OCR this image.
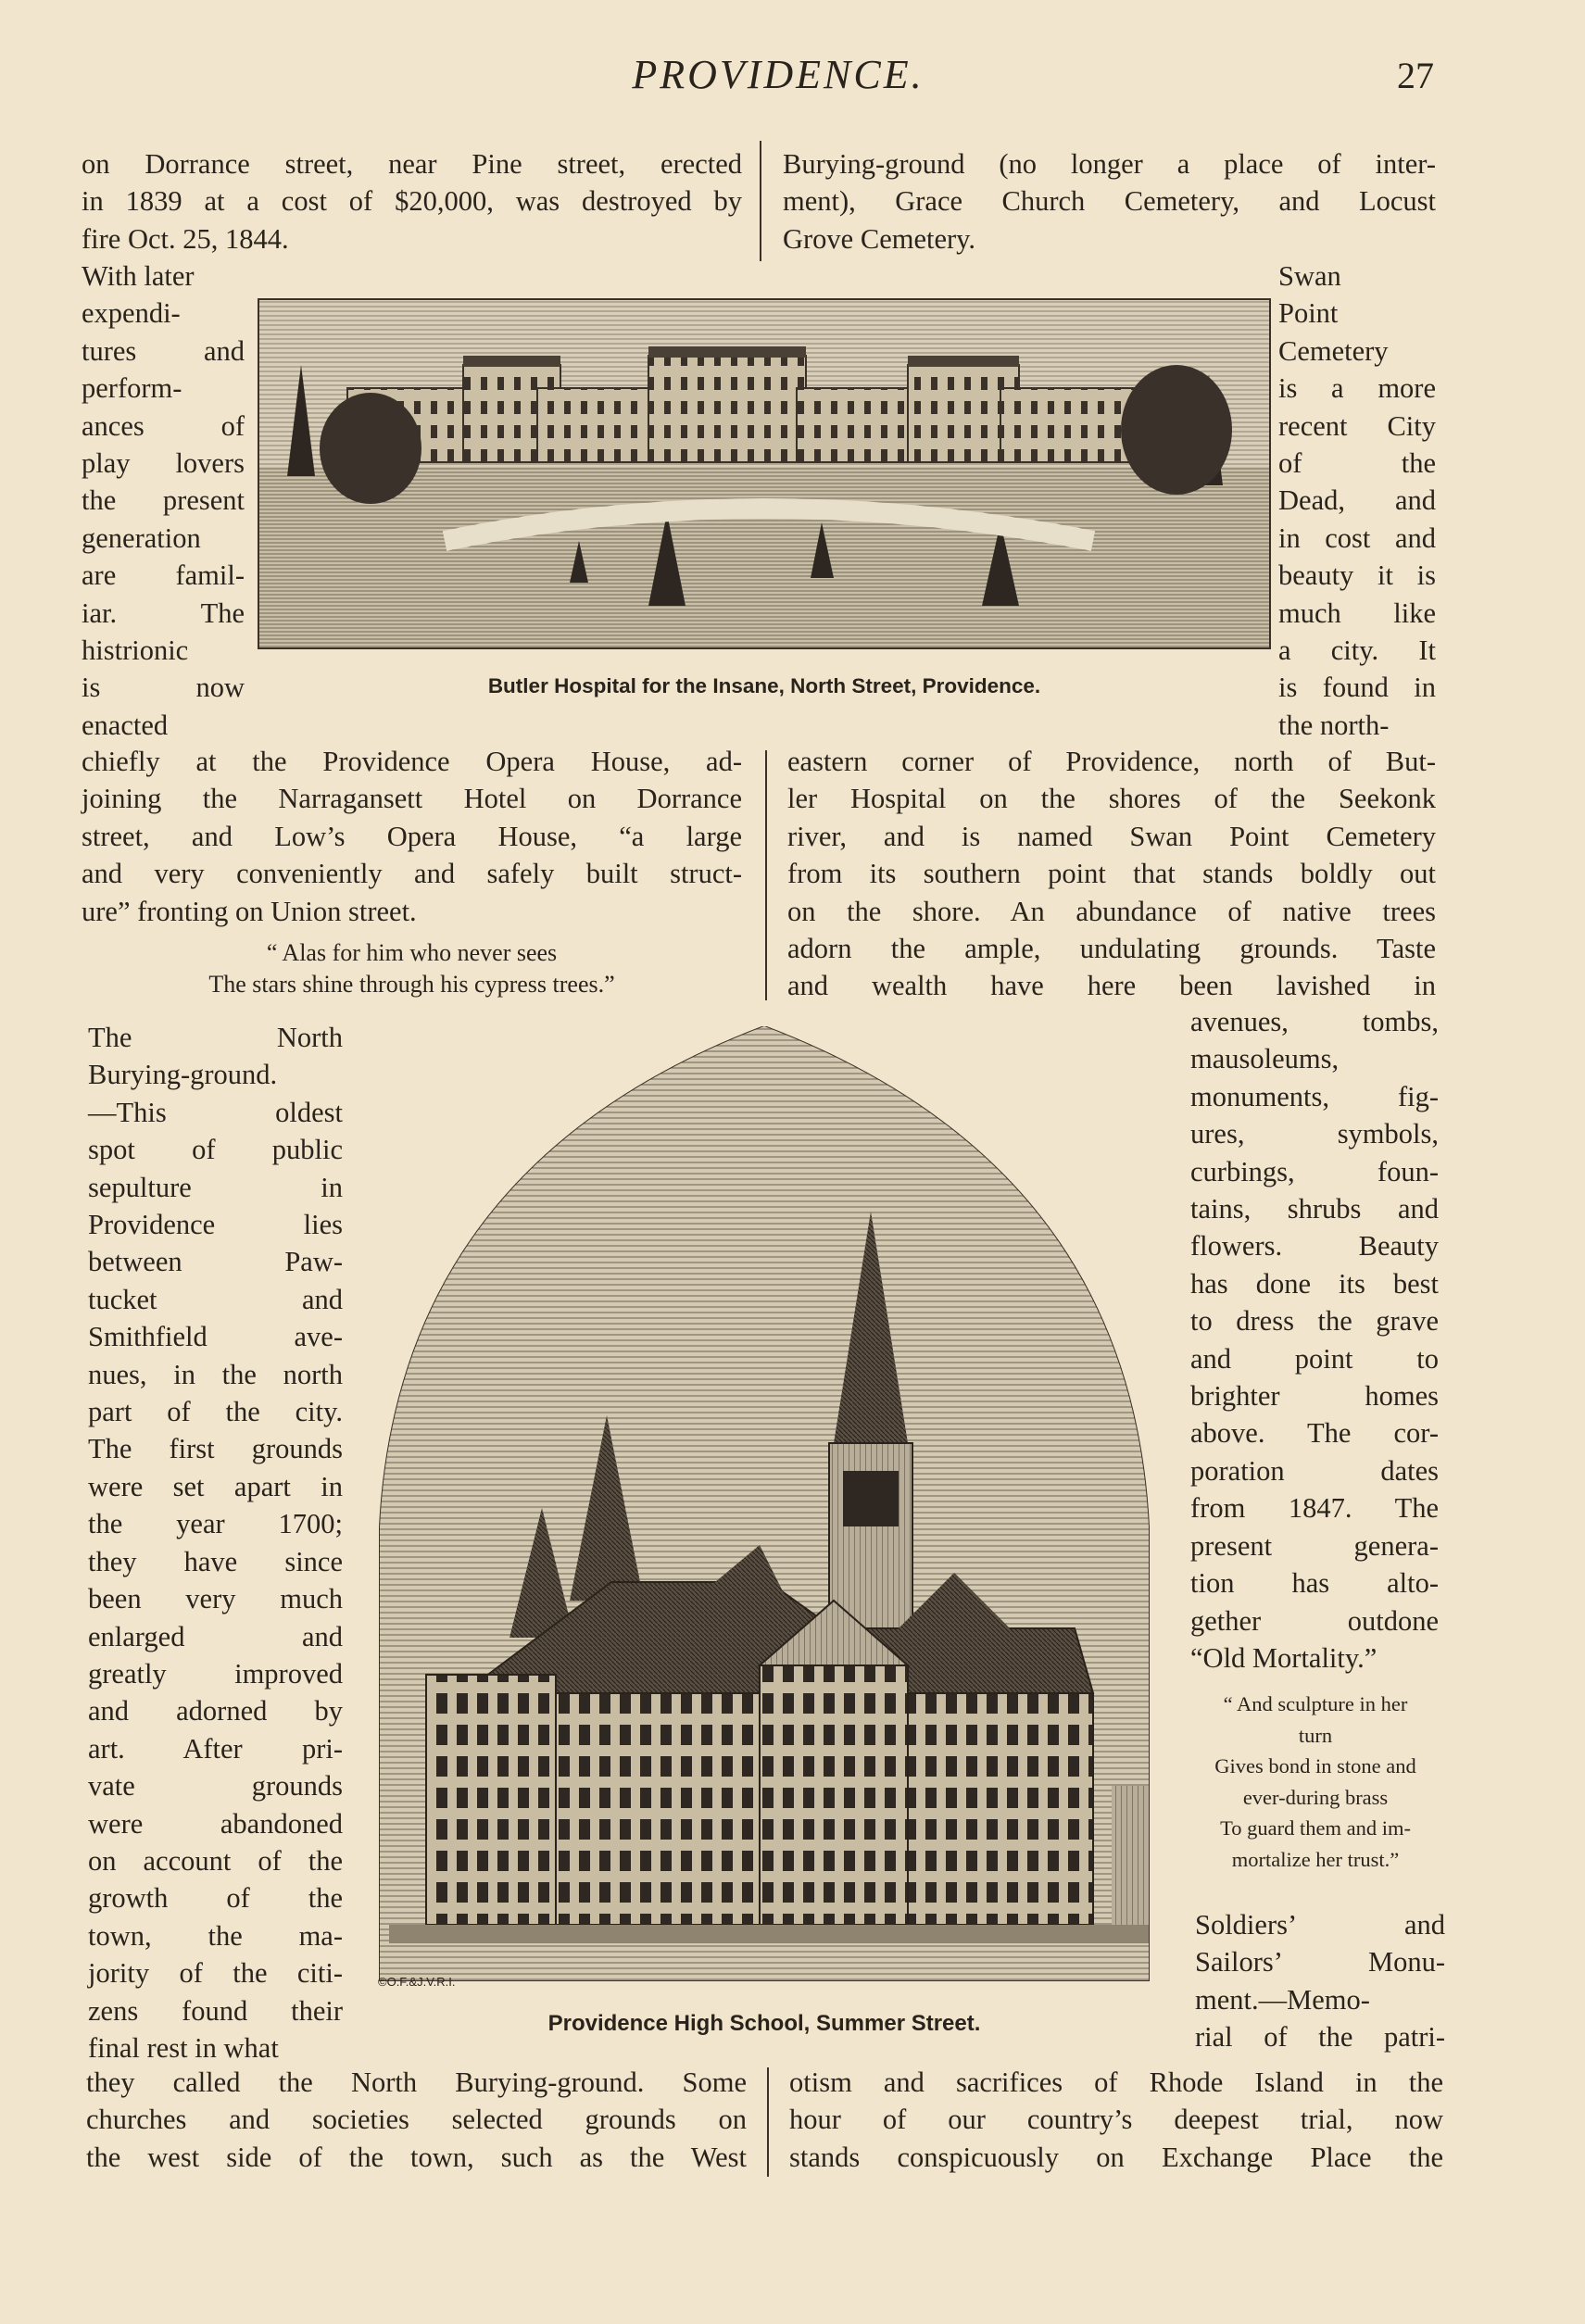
PROVIDENCE.	27
on Dorrance street, near Pine street, erected
in 1839 at a cost of $20,000, was destroyed by
fire Oct. 25, 1844.
Burying-ground (no longer a place of inter-
ment), Grace Church Cemetery, and Locust
Grove Cemetery.
With later
expendi-
tures and
perform-
ances of
play lovers
the present
generation
are famil-
iar. The
histrionic
is now
enacted
Swan
Point
Cemetery
is a more
recent City
of the
Dead, and
in cost and
beauty it is
much like
a city. It
is found in
the north-
Butler Hospital for the Insane, North Street, Providence.
chiefly at the Providence Opera House, ad-
joining the Narragansett Hotel on Dorrance
street, and Low’s Opera House, “a large
and very conveniently and safely built struct-
ure” fronting on Union street.
“ Alas for him who never sees
The stars shine through his cypress trees.”
eastern corner of Providence, north of But-
ler Hospital on the shores of the Seekonk
river, and is named Swan Point Cemetery
from its southern point that stands boldly out
on the shore. An abundance of native trees
adorn the ample, undulating grounds. Taste
and wealth have here been lavished in
The North
Burying-ground.
—This oldest
spot of public
sepulture in
Providence lies
between Paw-
tucket and
Smithfield ave-
nues, in the north
part of the city.
The first grounds
were set apart in
the year 1700;
they have since
been very much
enlarged and
greatly improved
and adorned by
art. After pri-
vate grounds
were abandoned
on account of the
growth of the
town, the ma-
jority of the citi-
zens found their
final rest in what
avenues, tombs,
mausoleums,
monuments, fig-
ures, symbols,
curbings, foun-
tains, shrubs and
flowers. Beauty
has done its best
to dress the grave
and point to
brighter homes
above. The cor-
poration dates
from 1847. The
present genera-
tion has alto-
gether outdone
“Old Mortality.”
“ And sculpture in her
turn
Gives bond in stone and
ever-during brass
To guard them and im-
mortalize her trust.”
Soldiers’ and
Sailors’ Monu-
ment.—Memo-
rial of the patri-
©O.F.&J.V.R.I.
Providence High School, Summer Street.
they called the North Burying-ground. Some
churches and societies selected grounds on
the west side of the town, such as the West
otism and sacrifices of Rhode Island in the
hour of our country’s deepest trial, now
stands conspicuously on Exchange Place the
